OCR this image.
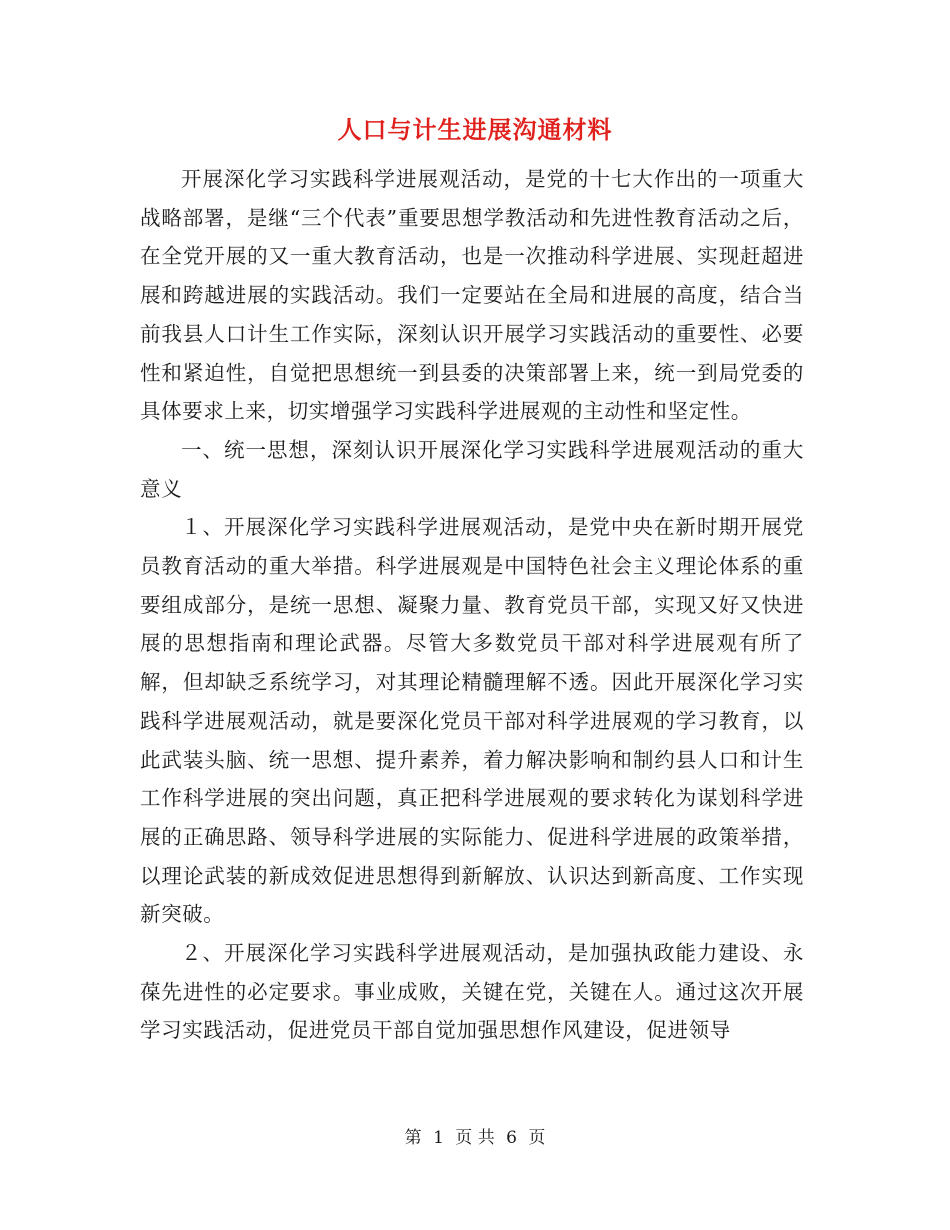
人口与计生进展沟通材料

开展深化学习实践科学进展观活动，是党的十七大作出的一项重大战略部署，是继“三个代表”重要思想学教活动和先进性教育活动之后，在全党开展的又一重大教育活动，也是一次推动科学进展、实现赶超进展和跨越进展的实践活动。我们一定要站在全局和进展的高度，结合当前我县人口计生工作实际，深刻认识开展学习实践活动的重要性、必要性和紧迫性，自觉把思想统一到县委的决策部署上来，统一到局党委的具体要求上来，切实增强学习实践科学进展观的主动性和坚定性。

一、统一思想，深刻认识开展深化学习实践科学进展观活动的重大意义

１、开展深化学习实践科学进展观活动，是党中央在新时期开展党员教育活动的重大举措。科学进展观是中国特色社会主义理论体系的重要组成部分，是统一思想、凝聚力量、教育党员干部，实现又好又快进展的思想指南和理论武器。尽管大多数党员干部对科学进展观有所了解，但却缺乏系统学习，对其理论精髓理解不透。因此开展深化学习实践科学进展观活动，就是要深化党员干部对科学进展观的学习教育，以此武装头脑、统一思想、提升素养，着力解决影响和制约县人口和计生工作科学进展的突出问题，真正把科学进展观的要求转化为谋划科学进展的正确思路、领导科学进展的实际能力、促进科学进展的政策举措，以理论武装的新成效促进思想得到新解放、认识达到新高度、工作实现新突破。

２、开展深化学习实践科学进展观活动，是加强执政能力建设、永葆先进性的必定要求。事业成败，关键在党，关键在人。通过这次开展学习实践活动，促进党员干部自觉加强思想作风建设，促进领导

第 1 页 共 6 页
